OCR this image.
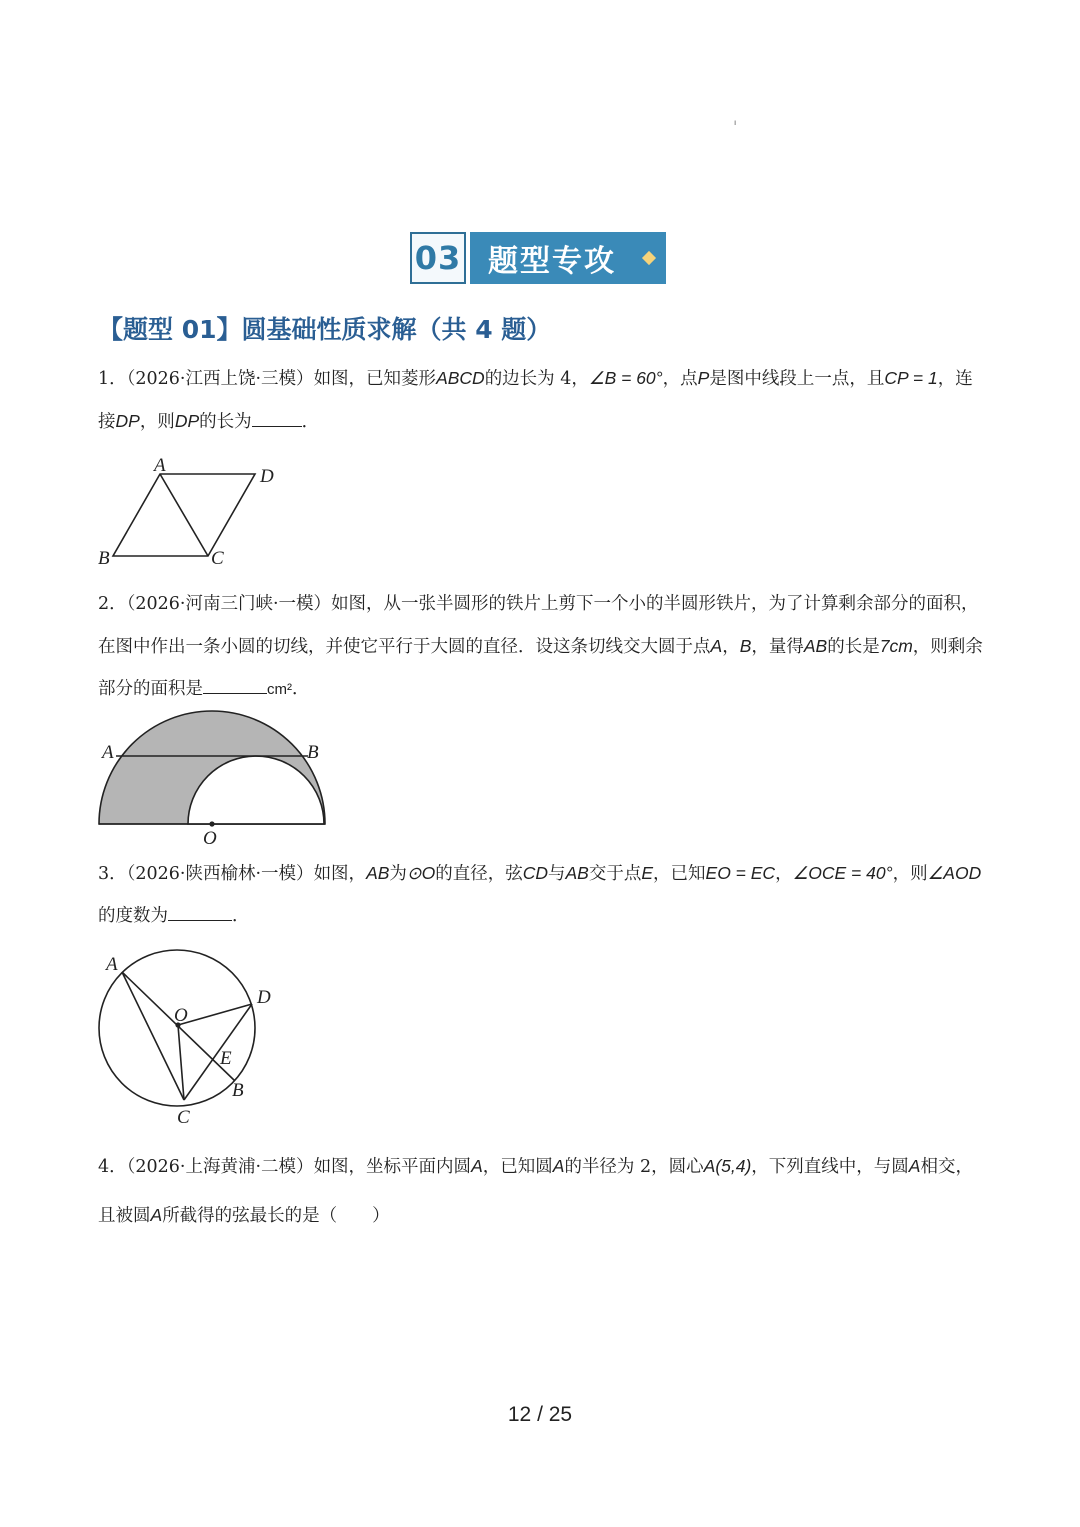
ı
03 题型专攻
【题型 01】圆基础性质求解（共 4 题）
1．（2026·江西上饶·三模）如图，已知菱形ABCD的边长为 4，∠B = 60°，点P是图中线段上一点，且CP = 1，连接DP，则DP的长为	．
A
D
B	C
2．（2026·河南三门峡·一模）如图，从一张半圆形的铁片上剪下一个小的半圆形铁片，为了计算剩余部分的面积，在图中作出一条小圆的切线，并使它平行于大圆的直径．设这条切线交大圆于点A，B，量得AB的长是7cm，则剩余部分的面积是	cm²．
A	B
O
3．（2026·陕西榆林·一模）如图，AB为⊙O的直径，弦CD与AB交于点E，已知EO = EC，∠OCE = 40°，则∠AOD的度数为	．
A
D
O
E
B
C
4．（2026·上海黄浦·二模）如图，坐标平面内圆A，已知圆A的半径为 2，圆心A(5,4)，下列直线中，与圆A相交，且被圆A所截得的弦最长的是（　　）
12 / 25
